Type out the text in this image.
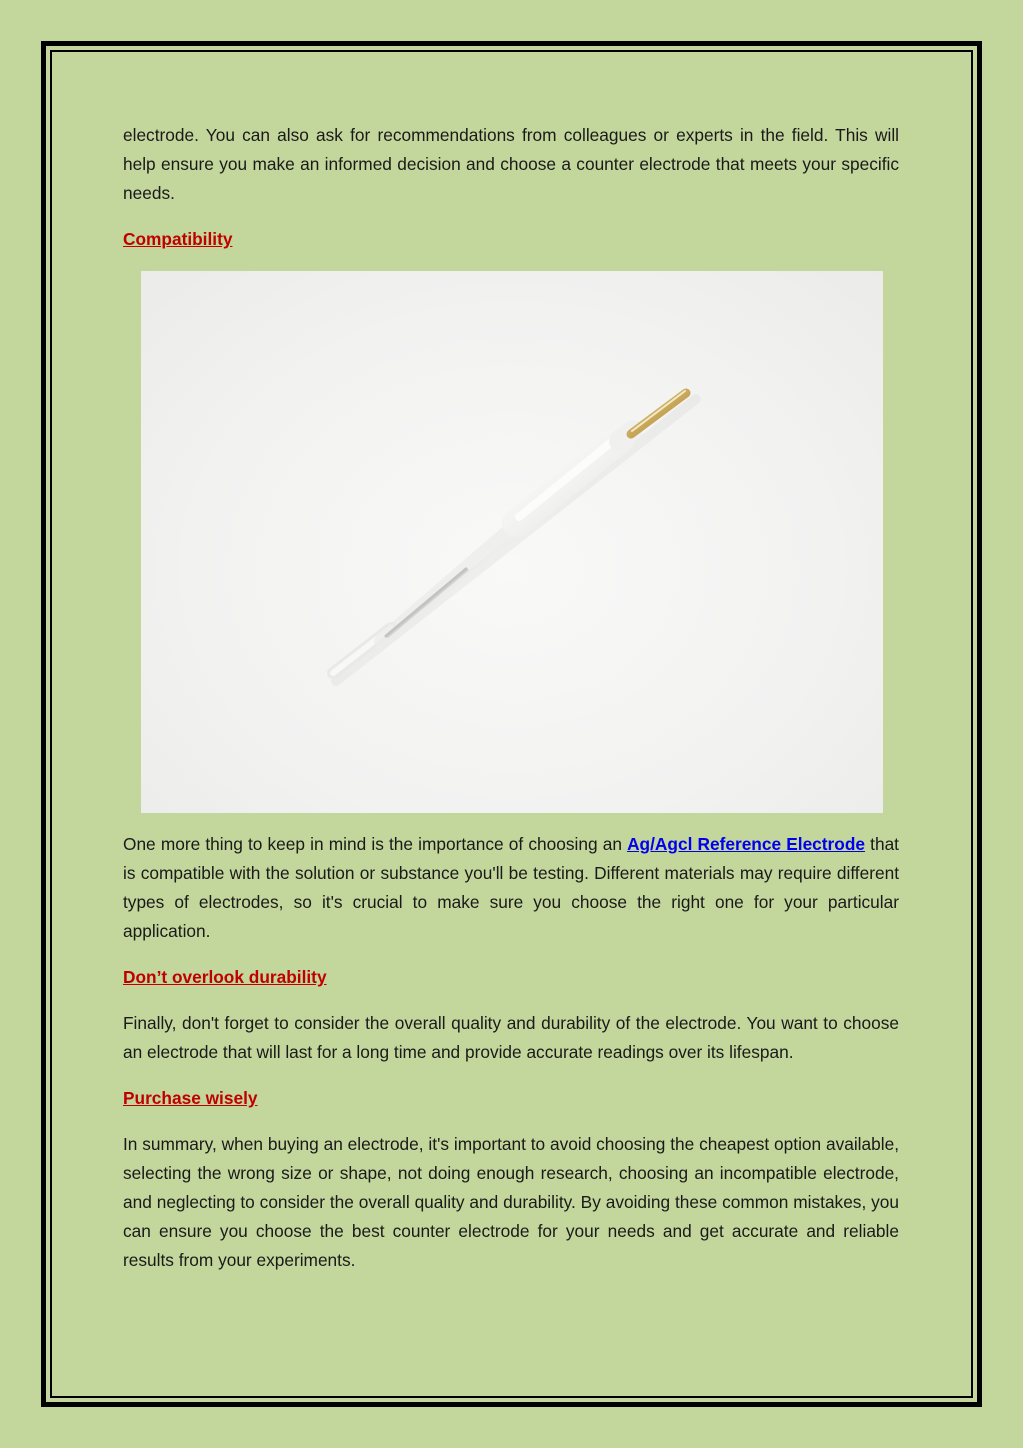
electrode. You can also ask for recommendations from colleagues or experts in the field. This will help ensure you make an informed decision and choose a counter electrode that meets your specific needs.

Compatibility

One more thing to keep in mind is the importance of choosing an Ag/Agcl Reference Electrode that is compatible with the solution or substance you'll be testing. Different materials may require different types of electrodes, so it's crucial to make sure you choose the right one for your particular application.

Don’t overlook durability

Finally, don't forget to consider the overall quality and durability of the electrode. You want to choose an electrode that will last for a long time and provide accurate readings over its lifespan.

Purchase wisely

In summary, when buying an electrode, it's important to avoid choosing the cheapest option available, selecting the wrong size or shape, not doing enough research, choosing an incompatible electrode, and neglecting to consider the overall quality and durability. By avoiding these common mistakes, you can ensure you choose the best counter electrode for your needs and get accurate and reliable results from your experiments.
